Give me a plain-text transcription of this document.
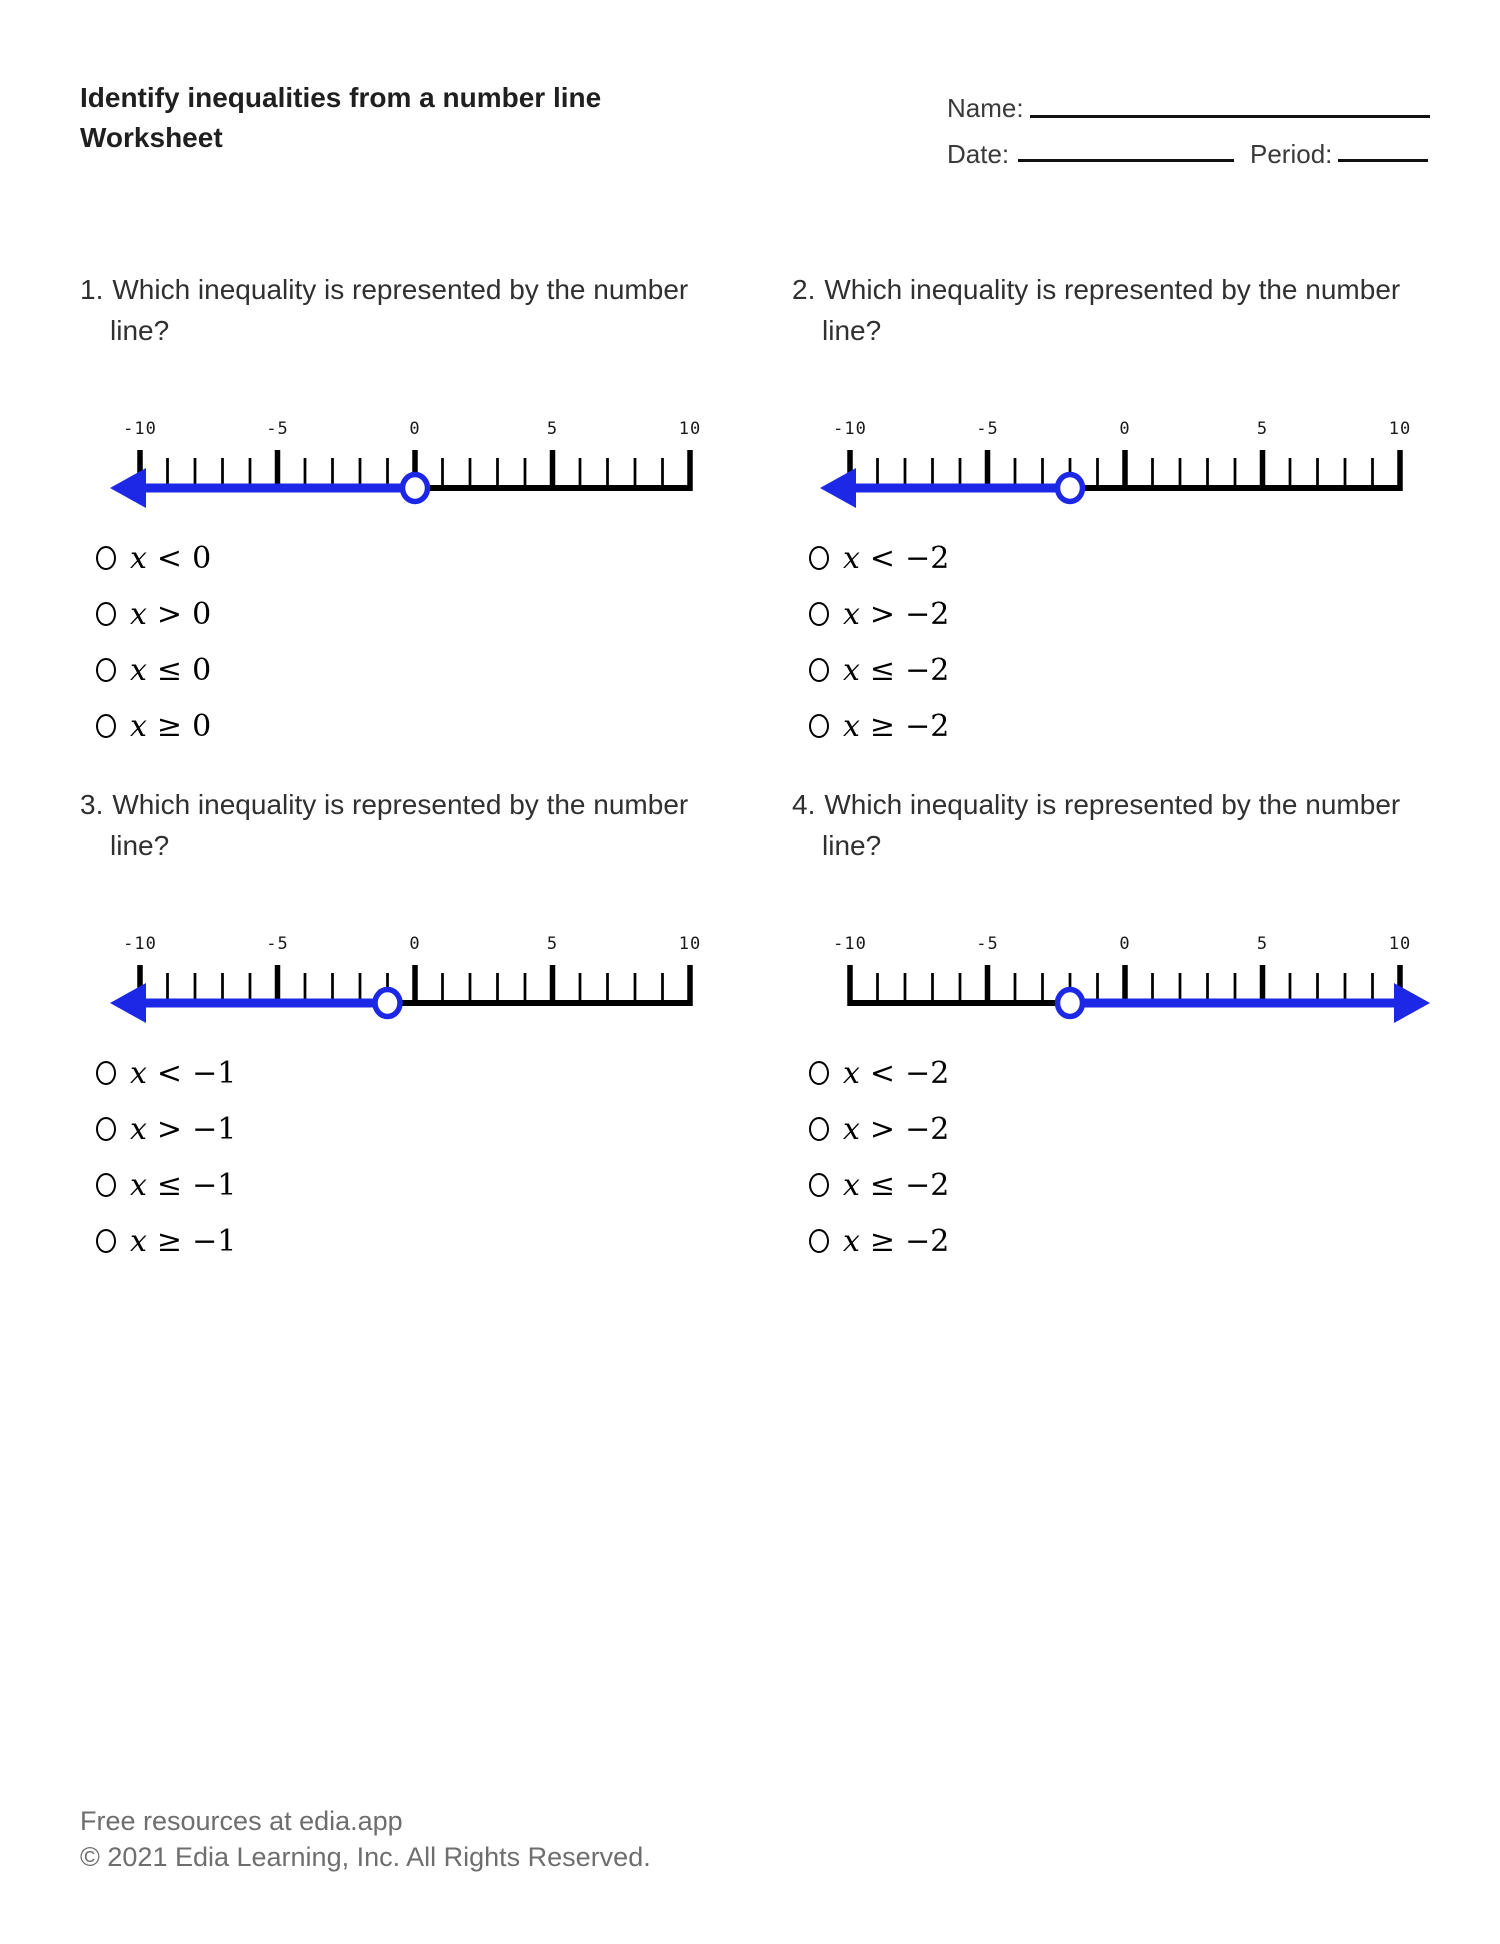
Identify inequalities from a number line
Worksheet
Name:
Date:	Period:
1. Which inequality is represented by the number
line?
-10	-5	0	5	10
x < 0
x > 0
x ≤ 0
x ≥ 0
2. Which inequality is represented by the number
line?
-10	-5	0	5	10
x < −2
x > −2
x ≤ −2
x ≥ −2
3. Which inequality is represented by the number
line?
-10	-5	0	5	10
x < −1
x > −1
x ≤ −1
x ≥ −1
4. Which inequality is represented by the number
line?
-10	-5	0	5	10
x < −2
x > −2
x ≤ −2
x ≥ −2
Free resources at edia.app
© 2021 Edia Learning, Inc. All Rights Reserved.
